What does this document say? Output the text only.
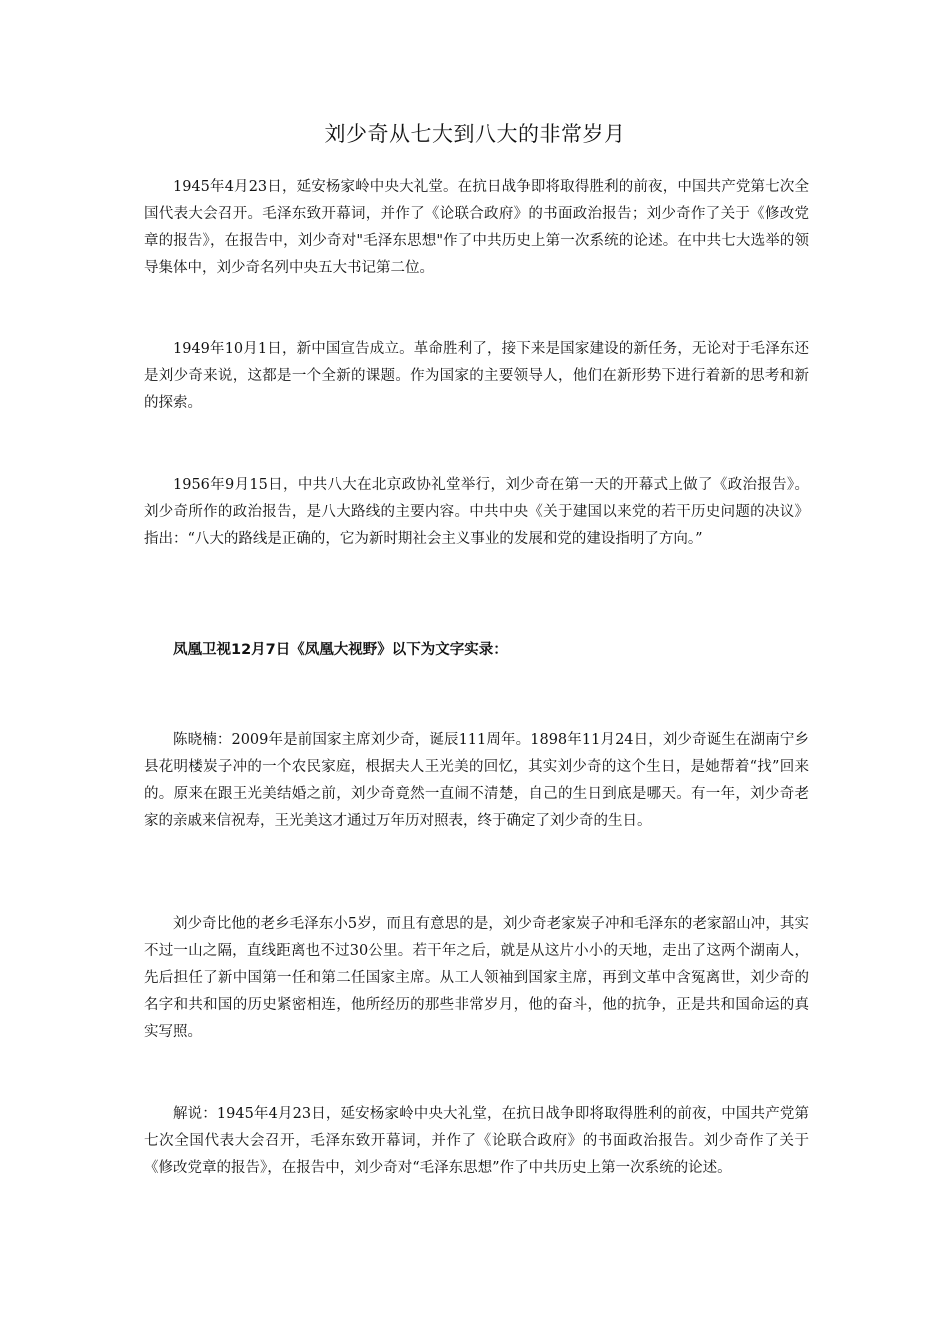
刘少奇从七大到八大的非常岁月

1945年4月23日，延安杨家岭中央大礼堂。在抗日战争即将取得胜利的前夜，中国共产党第七次全国代表大会召开。毛泽东致开幕词，并作了《论联合政府》的书面政治报告；刘少奇作了关于《修改党章的报告》，在报告中，刘少奇对"毛泽东思想"作了中共历史上第一次系统的论述。在中共七大选举的领导集体中，刘少奇名列中央五大书记第二位。

1949年10月1日，新中国宣告成立。革命胜利了，接下来是国家建设的新任务，无论对于毛泽东还是刘少奇来说，这都是一个全新的课题。作为国家的主要领导人，他们在新形势下进行着新的思考和新的探索。

1956年9月15日，中共八大在北京政协礼堂举行，刘少奇在第一天的开幕式上做了《政治报告》。刘少奇所作的政治报告，是八大路线的主要内容。中共中央《关于建国以来党的若干历史问题的决议》指出：“八大的路线是正确的，它为新时期社会主义事业的发展和党的建设指明了方向。”

凤凰卫视12月7日《凤凰大视野》以下为文字实录：

陈晓楠：2009年是前国家主席刘少奇，诞辰111周年。1898年11月24日，刘少奇诞生在湖南宁乡县花明楼炭子冲的一个农民家庭，根据夫人王光美的回忆，其实刘少奇的这个生日，是她帮着“找”回来的。原来在跟王光美结婚之前，刘少奇竟然一直闹不清楚，自己的生日到底是哪天。有一年，刘少奇老家的亲戚来信祝寿，王光美这才通过万年历对照表，终于确定了刘少奇的生日。

刘少奇比他的老乡毛泽东小5岁，而且有意思的是，刘少奇老家炭子冲和毛泽东的老家韶山冲，其实不过一山之隔，直线距离也不过30公里。若干年之后，就是从这片小小的天地，走出了这两个湖南人，先后担任了新中国第一任和第二任国家主席。从工人领袖到国家主席，再到文革中含冤离世，刘少奇的名字和共和国的历史紧密相连，他所经历的那些非常岁月，他的奋斗，他的抗争，正是共和国命运的真实写照。

解说：1945年4月23日，延安杨家岭中央大礼堂，在抗日战争即将取得胜利的前夜，中国共产党第七次全国代表大会召开，毛泽东致开幕词，并作了《论联合政府》的书面政治报告。刘少奇作了关于《修改党章的报告》，在报告中，刘少奇对“毛泽东思想”作了中共历史上第一次系统的论述。
